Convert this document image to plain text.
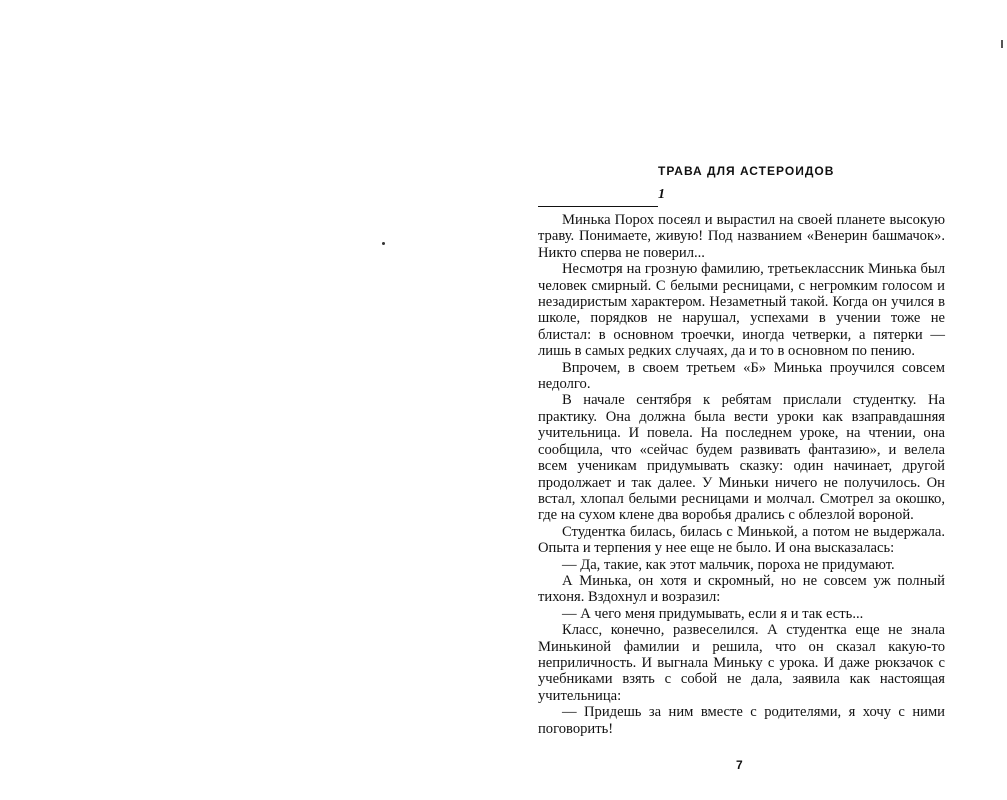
ТРАВА ДЛЯ АСТЕРОИДОВ
1

Минька Порох посеял и вырастил на своей планете высокую траву. Понимаете, живую! Под названием «Венерин башмачок». Никто сперва не поверил...

Несмотря на грозную фамилию, третьеклассник Минька был человек смирный. С белыми ресницами, с негромким голосом и незадиристым характером. Незаметный такой. Когда он учился в школе, порядков не нарушал, успехами в учении тоже не блистал: в основном троечки, иногда четверки, а пятерки — лишь в самых редких случаях, да и то в основном по пению.

Впрочем, в своем третьем «Б» Минька проучился совсем недолго.

В начале сентября к ребятам прислали студентку. На практику. Она должна была вести уроки как взаправдашняя учительница. И повела. На последнем уроке, на чтении, она сообщила, что «сейчас будем развивать фантазию», и велела всем ученикам придумывать сказку: один начинает, другой продолжает и так далее. У Миньки ничего не получилось. Он встал, хлопал белыми ресницами и молчал. Смотрел за окошко, где на сухом клене два воробья дрались с облезлой вороной.

Студентка билась, билась с Минькой, а потом не выдержала. Опыта и терпения у нее еще не было. И она высказалась:

— Да, такие, как этот мальчик, пороха не придумают.

А Минька, он хотя и скромный, но не совсем уж полный тихоня. Вздохнул и возразил:

— А чего меня придумывать, если я и так есть...

Класс, конечно, развеселился. А студентка еще не знала Минькиной фамилии и решила, что он сказал какую-то неприличность. И выгнала Миньку с урока. И даже рюкзачок с учебниками взять с собой не дала, заявила как настоящая учительница:

— Придешь за ним вместе с родителями, я хочу с ними поговорить!

7
